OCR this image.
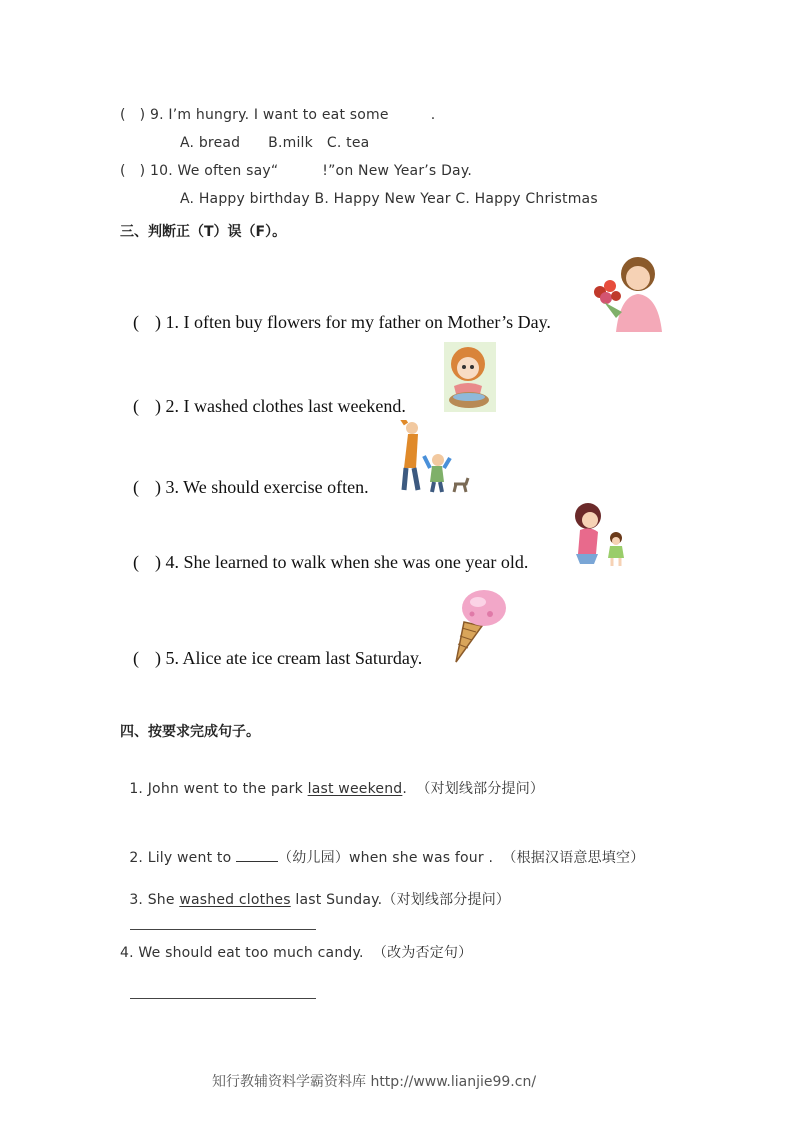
( ) 9. I’m hungry. I want to eat some	.
A. bread      B.milk   C. tea
( ) 10. We often say“	!”on New Year’s Day.
A. Happy birthday B. Happy New Year C. Happy Christmas
三、判断正（T）误（F）。
( ) 1. I often buy flowers for my father on Mother’s Day.
( ) 2. I washed clothes last weekend.
( ) 3. We should exercise often.
( ) 4. She learned to walk when she was one year old.
( ) 5. Alice ate ice cream last Saturday.
四、按要求完成句子。

1. John went to the park last weekend.  （对划线部分提问）

2. Lily went to	（幼儿园）when she was four .  （根据汉语意思填空）

3. She washed clothes last Sunday.（对划线部分提问）

4. We should eat too much candy.  （改为否定句）
知行教辅资料学霸资料库 http://www.lianjie99.cn/
